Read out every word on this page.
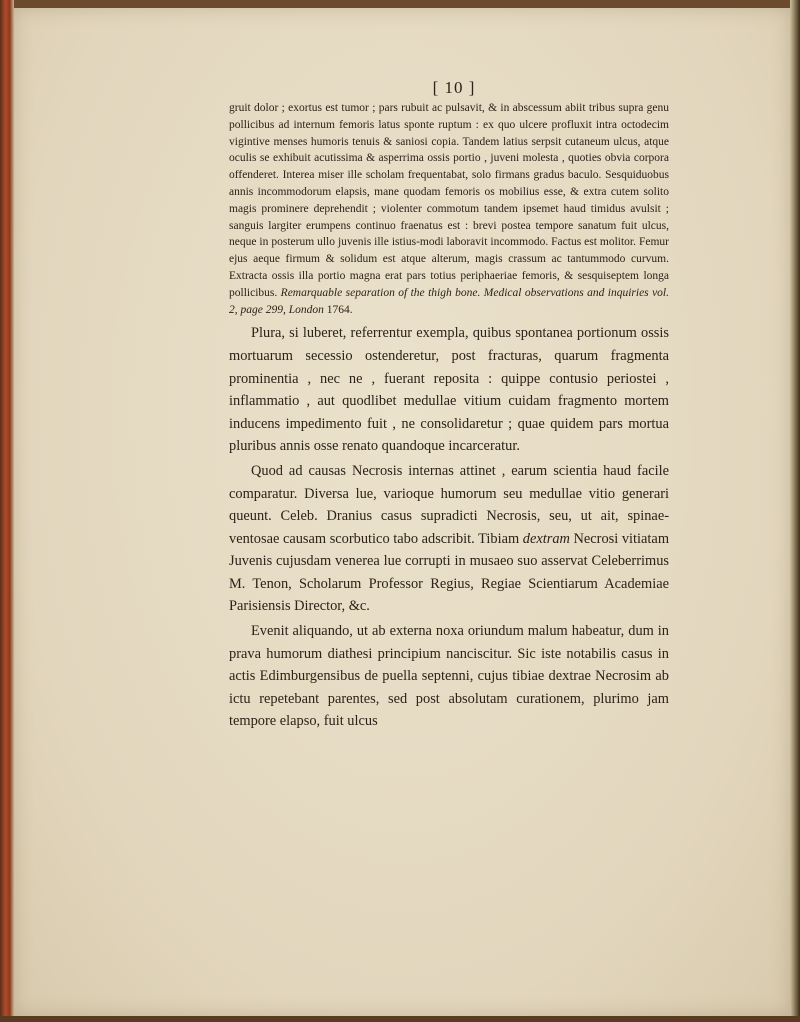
[ 10 ]

gruit dolor ; exortus est tumor ; pars rubuit ac pulsavit, & in abscessum abiit tribus supra genu pollicibus ad internum femoris latus sponte ruptum : ex quo ulcere profluxit intra octodecim vigintive menses humoris tenuis & saniosi copia. Tandem latius serpsit cutaneum ulcus, atque oculis se exhibuit acutissima & asperrima ossis portio , juveni molesta , quoties obvia corpora offenderet. Interea miser ille scholam frequentabat, solo firmans gradus baculo. Sesquiduobus annis incommodorum elapsis, mane quodam femoris os mobilius esse, & extra cutem solito magis prominere deprehendit ; violenter commotum tandem ipsemet haud timidus avulsit ; sanguis largiter erumpens continuo fraenatus est : brevi postea tempore sanatum fuit ulcus, neque in posterum ullo juvenis ille istius-modi laboravit incommodo. Factus est molitor. Femur ejus aeque firmum & solidum est atque alterum, magis crassum ac tantummodo curvum. Extracta ossis illa portio magna erat pars totius periphaeriae femoris, & sesquiseptem longa pollicibus. Remarquable separation of the thigh bone. Medical observations and inquiries vol. 2, page 299, London 1764.

Plura, si luberet, referrentur exempla, quibus spontanea portionum ossis mortuarum secessio ostenderetur, post fracturas, quarum fragmenta prominentia , nec ne , fuerant reposita : quippe contusio periostei , inflammatio , aut quodlibet medullae vitium cuidam fragmento mortem inducens impedimento fuit , ne consolidaretur ; quae quidem pars mortua pluribus annis osse renato quandoque incarceratur.

Quod ad causas Necrosis internas attinet , earum scientia haud facile comparatur. Diversa lue, varioque humorum seu medullae vitio generari queunt. Celeb. Dranius casus supradicti Necrosis, seu, ut ait, spinae-ventosae causam scorbutico tabo adscribit. Tibiam dextram Necrosi vitiatam Juvenis cujusdam venerea lue corrupti in musaeo suo asservat Celeberrimus M. Tenon, Scholarum Professor Regius, Regiae Scientiarum Academiae Parisiensis Director, &c.

Evenit aliquando, ut ab externa noxa oriundum malum habeatur, dum in prava humorum diathesi principium nanciscitur. Sic iste notabilis casus in actis Edimburgensibus de puella septenni, cujus tibiae dextrae Necrosim ab ictu repetebant parentes, sed post absolutam curationem, plurimo jam tempore elapso, fuit ulcus
